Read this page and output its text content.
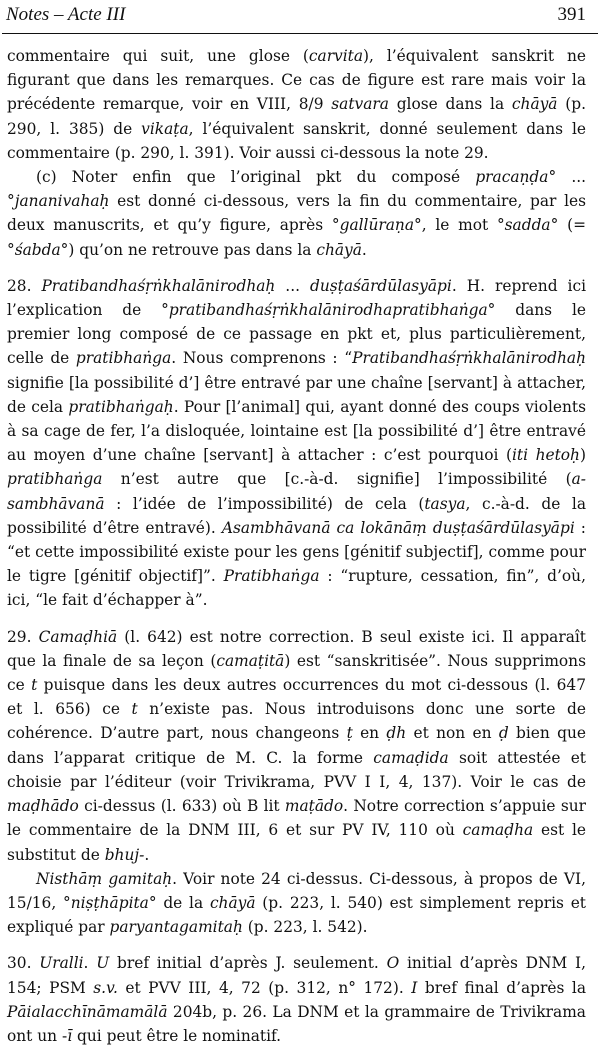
Notes – Acte III	391

commentaire qui suit, une glose (carvita), l’équivalent sanskrit ne figurant que dans les remarques. Ce cas de figure est rare mais voir la précédente remarque, voir en VIII, 8/9 satvara glose dans la chāyā (p. 290, l. 385) de vikaṭa, l’équivalent sanskrit, donné seulement dans le commentaire (p. 290, l. 391). Voir aussi ci-dessous la note 29.

(c) Noter enfin que l’original pkt du composé pracaṇḍa° ... °jananivahaḥ est donné ci-dessous, vers la fin du commentaire, par les deux manuscrits, et qu’y figure, après °gallūraṇa°, le mot °sadda° (= °śabda°) qu’on ne retrouve pas dans la chāyā.

28. Pratibandhaśṛṅkhalānirodhaḥ ... duṣṭaśārdūlasyāpi. H. reprend ici l’explication de °pratibandhaśṛṅkhalānirodhapratibhaṅga° dans le premier long composé de ce passage en pkt et, plus particulièrement, celle de pratibhaṅga. Nous comprenons : “Pratibandhaśṛṅkhalānirodhaḥ signifie [la possibilité d’] être entravé par une chaîne [servant] à attacher, de cela pratibhaṅgaḥ. Pour [l’animal] qui, ayant donné des coups violents à sa cage de fer, l’a disloquée, lointaine est [la possibilité d’] être entravé au moyen d’une chaîne [servant] à attacher : c’est pourquoi (iti hetoḥ) pratibhaṅga n’est autre que [c.-à-d. signifie] l’impossibilité (a-sambhāvanā : l’idée de l’impossibilité) de cela (tasya, c.-à-d. de la possibilité d’être entravé). Asambhāvanā ca lokānāṃ duṣṭaśārdūlasyāpi : “et cette impossibilité existe pour les gens [génitif subjectif], comme pour le tigre [génitif objectif]”. Pratibhaṅga : “rupture, cessation, fin”, d’où, ici, “le fait d’échapper à”.

29. Camaḍhiā (l. 642) est notre correction. B seul existe ici. Il apparaît que la finale de sa leçon (camaṭitā) est “sanskritisée”. Nous supprimons ce t puisque dans les deux autres occurrences du mot ci-dessous (l. 647 et l. 656) ce t n’existe pas. Nous introduisons donc une sorte de cohérence. D’autre part, nous changeons ṭ en ḍh et non en ḍ bien que dans l’apparat critique de M. C. la forme camaḍida soit attestée et choisie par l’éditeur (voir Trivikrama, PVV I I, 4, 137). Voir le cas de maḍhādo ci-dessus (l. 633) où B lit maṭādo. Notre correction s’appuie sur le commentaire de la DNM III, 6 et sur PV IV, 110 où camaḍha est le substitut de bhuj-.

Nisthāṃ gamitaḥ. Voir note 24 ci-dessus. Ci-dessous, à propos de VI, 15/16, °niṣṭhāpita° de la chāyā (p. 223, l. 540) est simplement repris et expliqué par paryantagamitaḥ (p. 223, l. 542).

30. Uralli. U bref initial d’après J. seulement. O initial d’après DNM I, 154; PSM s.v. et PVV III, 4, 72 (p. 312, n° 172). I bref final d’après la Pāialacchīnāmamālā 204b, p. 26. La DNM et la grammaire de Trivikrama ont un -ī qui peut être le nominatif.
